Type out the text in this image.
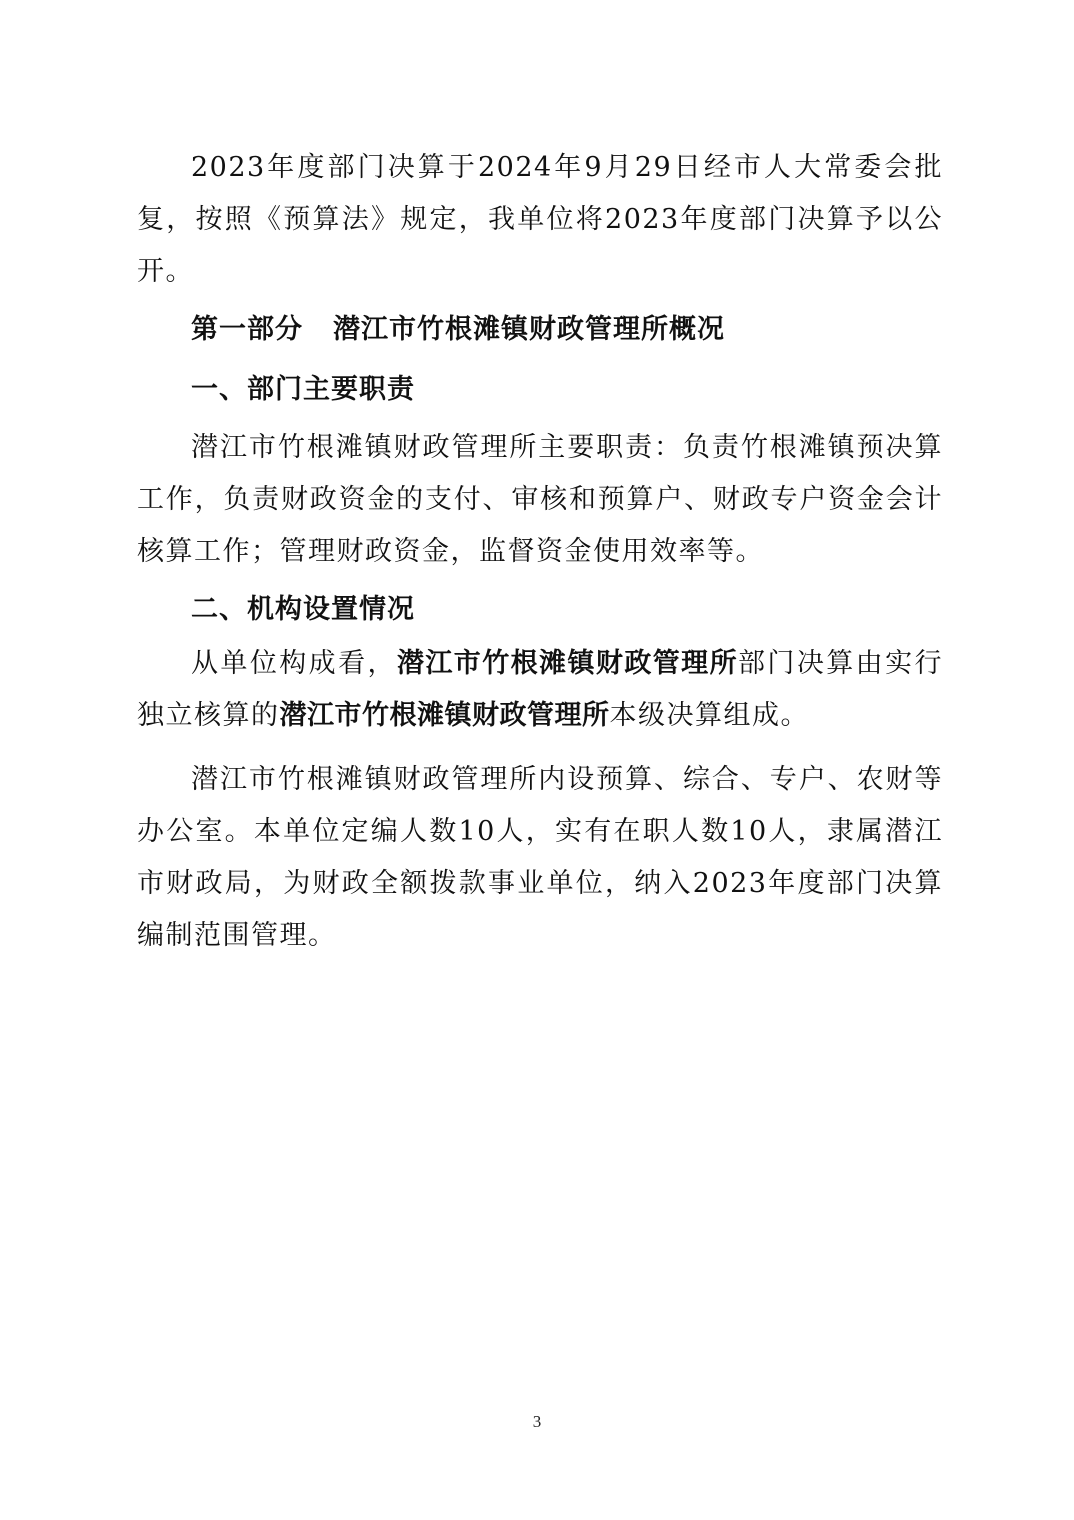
2023年度部门决算于2024年9月29日经市人大常委会批复，按照《预算法》规定，我单位将2023年度部门决算予以公开。

第一部分 潜江市竹根滩镇财政管理所概况

一、部门主要职责

潜江市竹根滩镇财政管理所主要职责：负责竹根滩镇预决算工作，负责财政资金的支付、审核和预算户、财政专户资金会计核算工作；管理财政资金，监督资金使用效率等。

二、机构设置情况

从单位构成看，潜江市竹根滩镇财政管理所部门决算由实行独立核算的潜江市竹根滩镇财政管理所本级决算组成。

潜江市竹根滩镇财政管理所内设预算、综合、专户、农财等办公室。本单位定编人数10人，实有在职人数10人，隶属潜江市财政局，为财政全额拨款事业单位，纳入2023年度部门决算编制范围管理。

3
